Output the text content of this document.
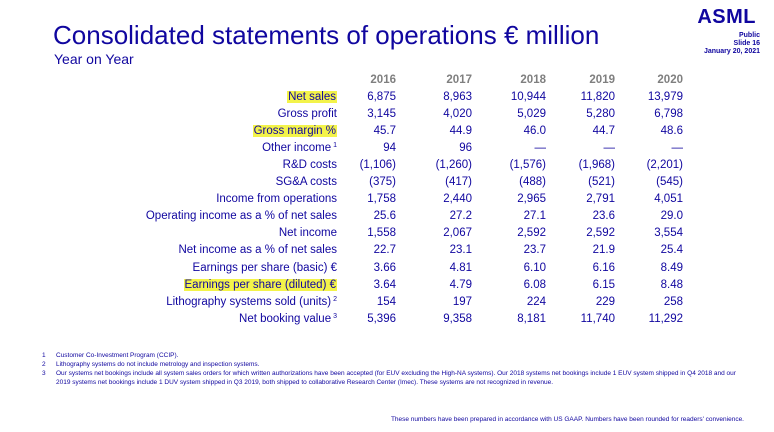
Consolidated statements of operations € million
Year on Year
ASML
Public
Slide 16
January 20, 2021
	2016	2017	2018	2019	2020
Net sales	6,875	8,963	10,944	11,820	13,979
Gross profit	3,145	4,020	5,029	5,280	6,798
Gross margin %	45.7	44.9	46.0	44.7	48.6
Other income $^1$	94	96	—	—	—
R&D costs	(1,106)	(1,260)	(1,576)	(1,968)	(2,201)
SG&A costs	(375)	(417)	(488)	(521)	(545)
Income from operations	1,758	2,440	2,965	2,791	4,051
Operating income as a % of net sales	25.6	27.2	27.1	23.6	29.0
Net income	1,558	2,067	2,592	2,592	3,554
Net income as a % of net sales	22.7	23.1	23.7	21.9	25.4
Earnings per share (basic) €	3.66	4.81	6.10	6.16	8.49
Earnings per share (diluted) €	3.64	4.79	6.08	6.15	8.48
Lithography systems sold (units) $^2$	154	197	224	229	258
Net booking value $^3$	5,396	9,358	8,181	11,740	11,292
1	Customer Co-Investment Program (CCIP).
2	Lithography systems do not include metrology and inspection systems.
3	Our systems net bookings include all system sales orders for which written authorizations have been accepted (for EUV excluding the High-NA systems). Our 2018 systems net bookings include 1 EUV system shipped in Q4 2018 and our 2019 systems net bookings include 1 DUV system shipped in Q3 2019, both shipped to collaborative Research Center (Imec). These systems are not recognized in revenue.
These numbers have been prepared in accordance with US GAAP. Numbers have been rounded for readers' convenience.
